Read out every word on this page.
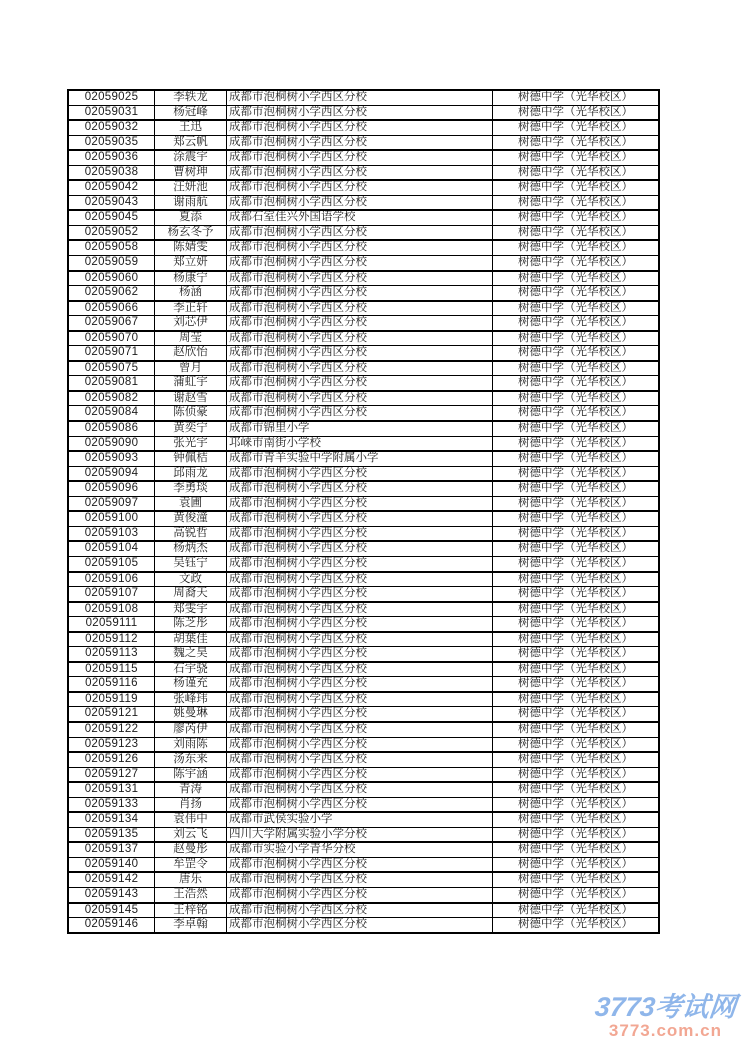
02059025	李轶龙	成都市泡桐树小学西区分校	树德中学（光华校区）
02059031	杨冠峰	成都市泡桐树小学西区分校	树德中学（光华校区）
02059032	王迅	成都市泡桐树小学西区分校	树德中学（光华校区）
02059035	郑云帆	成都市泡桐树小学西区分校	树德中学（光华校区）
02059036	涂震宇	成都市泡桐树小学西区分校	树德中学（光华校区）
02059038	曹树珅	成都市泡桐树小学西区分校	树德中学（光华校区）
02059042	汪妍池	成都市泡桐树小学西区分校	树德中学（光华校区）
02059043	谢雨航	成都市泡桐树小学西区分校	树德中学（光华校区）
02059045	夏添	成都石室佳兴外国语学校	树德中学（光华校区）
02059052	杨玄冬予	成都市泡桐树小学西区分校	树德中学（光华校区）
02059058	陈婧雯	成都市泡桐树小学西区分校	树德中学（光华校区）
02059059	郑立妍	成都市泡桐树小学西区分校	树德中学（光华校区）
02059060	杨康宁	成都市泡桐树小学西区分校	树德中学（光华校区）
02059062	杨涵	成都市泡桐树小学西区分校	树德中学（光华校区）
02059066	李正轩	成都市泡桐树小学西区分校	树德中学（光华校区）
02059067	刘芯伊	成都市泡桐树小学西区分校	树德中学（光华校区）
02059070	周莹	成都市泡桐树小学西区分校	树德中学（光华校区）
02059071	赵欣怡	成都市泡桐树小学西区分校	树德中学（光华校区）
02059075	曾月	成都市泡桐树小学西区分校	树德中学（光华校区）
02059081	蒲虹宇	成都市泡桐树小学西区分校	树德中学（光华校区）
02059082	谢赵雪	成都市泡桐树小学西区分校	树德中学（光华校区）
02059084	陈侦豪	成都市泡桐树小学西区分校	树德中学（光华校区）
02059086	黄奕宁	成都市锦里小学	树德中学（光华校区）
02059090	张光宇	邛崃市南街小学校	树德中学（光华校区）
02059093	钟佩桔	成都市青羊实验中学附属小学	树德中学（光华校区）
02059094	邱雨龙	成都市泡桐树小学西区分校	树德中学（光华校区）
02059096	李勇琰	成都市泡桐树小学西区分校	树德中学（光华校区）
02059097	袁圃	成都市泡桐树小学西区分校	树德中学（光华校区）
02059100	黄俊潼	成都市泡桐树小学西区分校	树德中学（光华校区）
02059103	高锐哲	成都市泡桐树小学西区分校	树德中学（光华校区）
02059104	杨炳杰	成都市泡桐树小学西区分校	树德中学（光华校区）
02059105	吴钰宁	成都市泡桐树小学西区分校	树德中学（光华校区）
02059106	文政	成都市泡桐树小学西区分校	树德中学（光华校区）
02059107	周裔天	成都市泡桐树小学西区分校	树德中学（光华校区）
02059108	郑雯宇	成都市泡桐树小学西区分校	树德中学（光华校区）
02059111	陈芝彤	成都市泡桐树小学西区分校	树德中学（光华校区）
02059112	胡葉佳	成都市泡桐树小学西区分校	树德中学（光华校区）
02059113	魏之昊	成都市泡桐树小学西区分校	树德中学（光华校区）
02059115	石宇骁	成都市泡桐树小学西区分校	树德中学（光华校区）
02059116	杨谨充	成都市泡桐树小学西区分校	树德中学（光华校区）
02059119	张峰玮	成都市泡桐树小学西区分校	树德中学（光华校区）
02059121	姚曼琳	成都市泡桐树小学西区分校	树德中学（光华校区）
02059122	廖芮伊	成都市泡桐树小学西区分校	树德中学（光华校区）
02059123	刘雨陈	成都市泡桐树小学西区分校	树德中学（光华校区）
02059126	汤东来	成都市泡桐树小学西区分校	树德中学（光华校区）
02059127	陈宇涵	成都市泡桐树小学西区分校	树德中学（光华校区）
02059131	青涛	成都市泡桐树小学西区分校	树德中学（光华校区）
02059133	肖扬	成都市泡桐树小学西区分校	树德中学（光华校区）
02059134	袁伟中	成都市武侯实验小学	树德中学（光华校区）
02059135	刘云飞	四川大学附属实验小学分校	树德中学（光华校区）
02059137	赵曼彤	成都市实验小学青华分校	树德中学（光华校区）
02059140	牟罡令	成都市泡桐树小学西区分校	树德中学（光华校区）
02059142	唐乐	成都市泡桐树小学西区分校	树德中学（光华校区）
02059143	王浩然	成都市泡桐树小学西区分校	树德中学（光华校区）
02059145	王梓铭	成都市泡桐树小学西区分校	树德中学（光华校区）
02059146	李卓翰	成都市泡桐树小学西区分校	树德中学（光华校区）
3773考试网
3773.com.cn
